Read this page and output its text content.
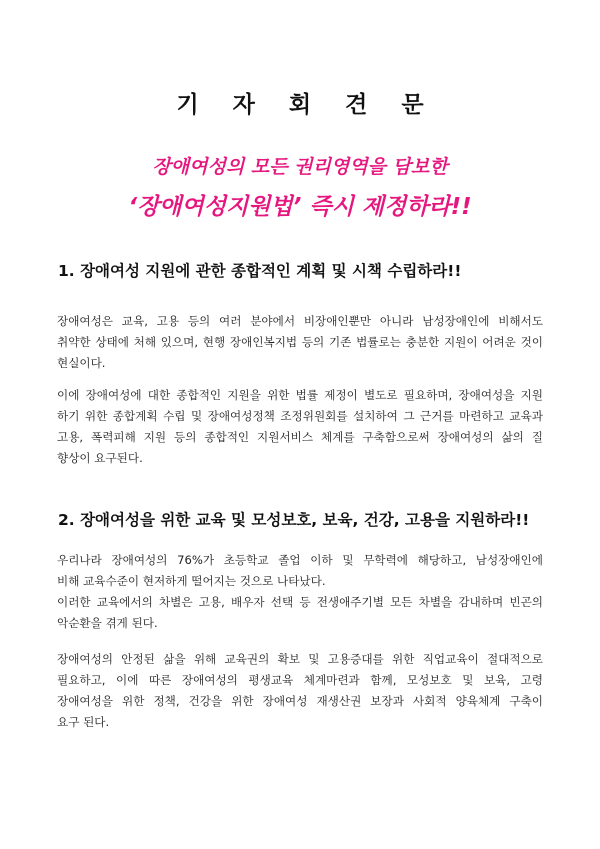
기 자 회 견 문
장애여성의 모든 권리영역을 담보한
‘장애여성지원법’ 즉시 제정하라!!
1. 장애여성 지원에 관한 종합적인 계획 및 시책 수립하라!!
장애여성은 교육, 고용 등의 여러 분야에서 비장애인뿐만 아니라 남성장애인에 비해서도
취약한 상태에 처해 있으며, 현행 장애인복지법 등의 기존 법률로는 충분한 지원이 어려운 것이
현실이다.
이에 장애여성에 대한 종합적인 지원을 위한 법률 제정이 별도로 필요하며, 장애여성을 지원
하기 위한 종합계획 수립 및 장애여성정책 조정위원회를 설치하여 그 근거를 마련하고 교육과
고용, 폭력피해 지원 등의 종합적인 지원서비스 체계를 구축함으로써 장애여성의 삶의 질
향상이 요구된다.
2. 장애여성을 위한 교육 및 모성보호, 보육, 건강, 고용을 지원하라!!
우리나라 장애여성의 76%가 초등학교 졸업 이하 및 무학력에 해당하고, 남성장애인에
비해 교육수준이 현저하게 떨어지는 것으로 나타났다.
이러한 교육에서의 차별은 고용, 배우자 선택 등 전생애주기별 모든 차별을 감내하며 빈곤의
악순환을 겪게 된다.
장애여성의 안정된 삶을 위해 교육권의 확보 및 고용증대를 위한 직업교육이 절대적으로
필요하고, 이에 따른 장애여성의 평생교육 체계마련과 함께, 모성보호 및 보육, 고령
장애여성을 위한 정책, 건강을 위한 장애여성 재생산권 보장과 사회적 양육체계 구축이
요구 된다.
